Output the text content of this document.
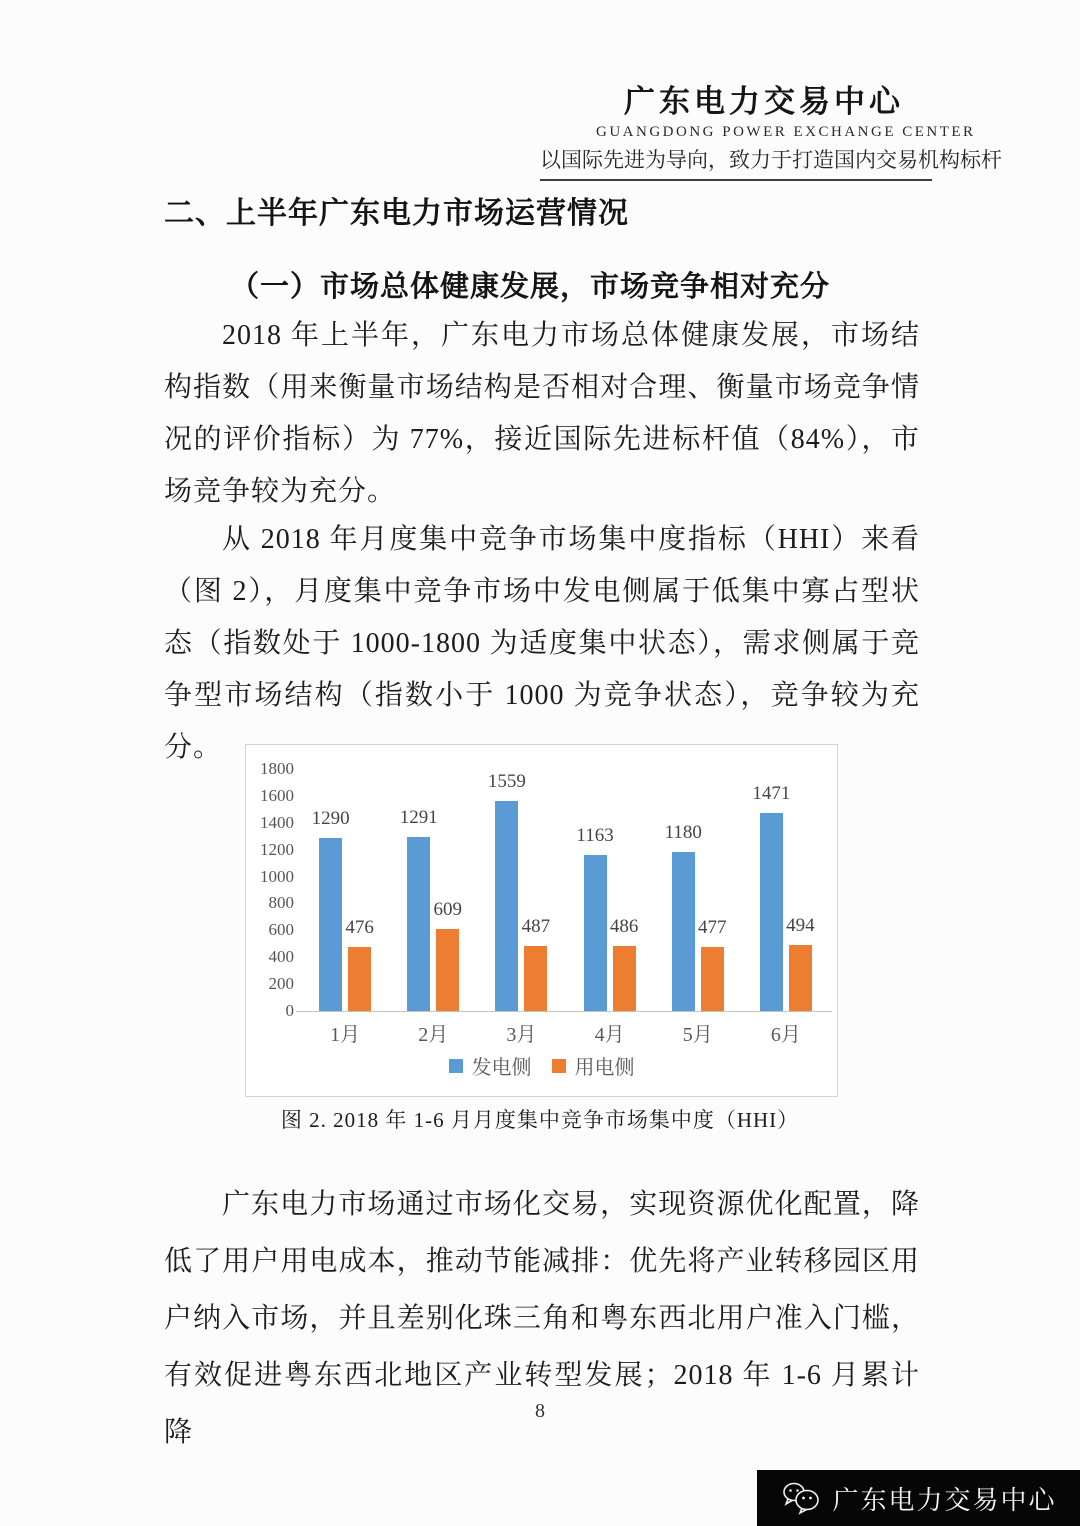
广东电力交易中心
GUANGDONG POWER EXCHANGE CENTER
以国际先进为导向，致力于打造国内交易机构标杆
二、上半年广东电力市场运营情况
（一）市场总体健康发展，市场竞争相对充分

2018 年上半年，广东电力市场总体健康发展，市场结构指数（用来衡量市场结构是否相对合理、衡量市场竞争情况的评价指标）为 77%，接近国际先进标杆值（84%），市场竞争较为充分。

从 2018 年月度集中竞争市场集中度指标（HHI）来看（图 2），月度集中竞争市场中发电侧属于低集中寡占型状态（指数处于 1000-1800 为适度集中状态），需求侧属于竞争型市场结构（指数小于 1000 为竞争状态），竞争较为充分。

0
200
400
600
800
1000
1200
1400
1600
1800
1290
476
1月
1291
609
2月
1559
487
3月
1163
486
4月
1180
477
5月
1471
494
6月
发电侧 用电侧
图 2. 2018 年 1-6 月月度集中竞争市场集中度（HHI）

广东电力市场通过市场化交易，实现资源优化配置，降低了用户用电成本，推动节能减排：优先将产业转移园区用户纳入市场，并且差别化珠三角和粤东西北用户准入门槛，有效促进粤东西北地区产业转型发展；2018 年 1-6 月累计降

8
广东电力交易中心
